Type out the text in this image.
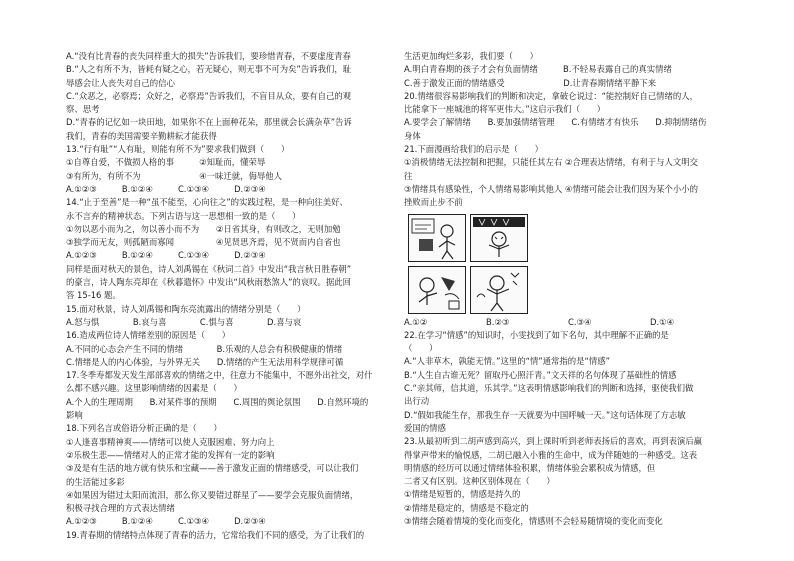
A.“没有比青春的丧失同样重大的损失”告诉我们，要珍惜青春，不要虚度青春
B.“人之有所不为，皆耗有疑之心，若无疑心，则无事不可为矣”告诉我们，耻
辱感会让人丧失对自己的信心
C.“众恶之，必察焉；众好之，必察焉”告诉我们，不盲目从众，要有自己的观
察、思考
D.“青春的记忆如一块田地，如果你不在上面种花朵，那里就会长满杂草”告诉
我们，青春的美国需要辛勤耕耘才能获得
13.“行有耻”“人有耻，则能有所不为”要求我们做到（　　）
①自尊自爱，不做损人格的事　　　②知耻而，懂荣辱
③有所为，有所不为　　　　　　　④一味迁就，侮辱他人
A.①②③　　　B.①②④　　　C.①③④　　　D.②③④
14.“止于至善”是一种“虽不能至，心向往之”的实践过程，是一种向往美好、
永不言弃的精神状态。下列古语与这一思想相一致的是（　　）
①勿以恶小而为之，勿以善小而不为　　②日省其身，有则改之，无则加勉
③独学而无友，则孤陋而寡闻　　　　　④见贤思齐焉，见不贤而内自省也
A.①②③　　　B.①②④　　　C.①③④　　　D.②③④
同样是面对秋天的景色，诗人刘禹锡在《秋词二首》中发出“我言秋日胜春朝”
的豪言，诗人陶东亮却在《秋暮遣怀》中发出“风秋雨愁煞人”的哀叹。据此回
答 15-16 题。
15.面对秋景，诗人刘禹锡和陶东亮流露出的情绪分别是（　　）
A.怒与惧　　　　B.哀与喜　　　　C.惧与喜　　　　D.喜与哀
16.造成两位诗人情绪差别的原因是（　　）
A.不同的心态会产生不同的情绪　　　　B.乐观的人总会有积极健康的情绪
C.情绪是人的内心体验，与外界无关　　D.情绪的产生无法用科学规律可循
17.冬季寿都发天发生部部喜欢的情绪之中，往意力不能集中，不愿外出社交，对什
么都不感兴趣。这里影响情绪的因素是（　　）
A.个人的生理周期　　B.对某件事的预期　　C.周围的舆论氛围　　D.自然环境的
影响
18.下列名言或俗语分析正确的是（　　）
①人逢喜事精神爽——情绪可以使人克服困难、努力向上
②乐极生悲——情绪对人的正常才能的发挥有一定的影响
③及是有生活的地方就有快乐和宝藏——善于激发正面的情绪感受，可以让我们
的生活能过多彩
④如果因为错过太阳而流泪，那么你又要错过群星了——要学会克服负面情绪，
积极寻找合理的方式表达情绪
A.①②③　　　B.①②④　　　C.①③④　　　D.②③④
19.青春期的情绪特点体现了青春的活力，它常给我们不同的感受，为了让我们的
生活更加绚烂多彩，我们要（　　）
A.明白青春期的孩子才会有负面情绪　　　B.不轻易表露自己的真实情绪
C.善于激发正面的情绪感受　　　　　　　D.让青春期情绪平静下来
20.情绪很容易影响我们的判断和决定，拿破仑说过：“能控制好自己情绪的人，
比能拿下一座城池的将军更伟大。”这启示我们（　　）
A.要学会了解情绪　　B.要加强情绪管理　　C.有情绪才有快乐　　D.抑制情绪伤
身体
21.下面漫画给我们的启示是（　　）
①消极情绪无法控制和把握，只能任其左右 ②合理表达情绪，有利于与人文明交
往
③情绪具有感染性，个人情绪易影响其他人 ④情绪可能会让我们因为某个小小的
挫败而止步不前
A.①②	B.②③	C.③④	D.①④
22.在学习“情感”的知识时，小雯找到了如下名句，其中理解不正确的是
（　　）
A.“人非草木，孰能无情。”这里的“情”通常指的是“情感”
B.“人生自古谁无死？留取丹心照汗青。”文天祥的名句体现了基础性的情感
C.“亲其师，信其道，乐其学。”这表明情感影响我们的判断和选择，驱使我们做
出行动
D.“假如我能生存，那我生存一天就要为中国呼喊一天。”这句话体现了方志敏
爱国的情感
23.从最初听到二胡声感到高兴，到上课时听到老师表扬后的喜欢，再到表演后赢
得掌声带来的愉悦感，二胡已融入小雅的生命中，成为伴随她的一种感受。这表
明情感的经历可以通过情绪体验积累，情绪体验会累积成为情感，但
二者又有区别。这种区别体现在（　　）
①情绪是短暂的，情感是持久的
②情绪是稳定的，情感是不稳定的
③情绪会随着情境的变化而变化，情感则不会轻易随情境的变化而变化
